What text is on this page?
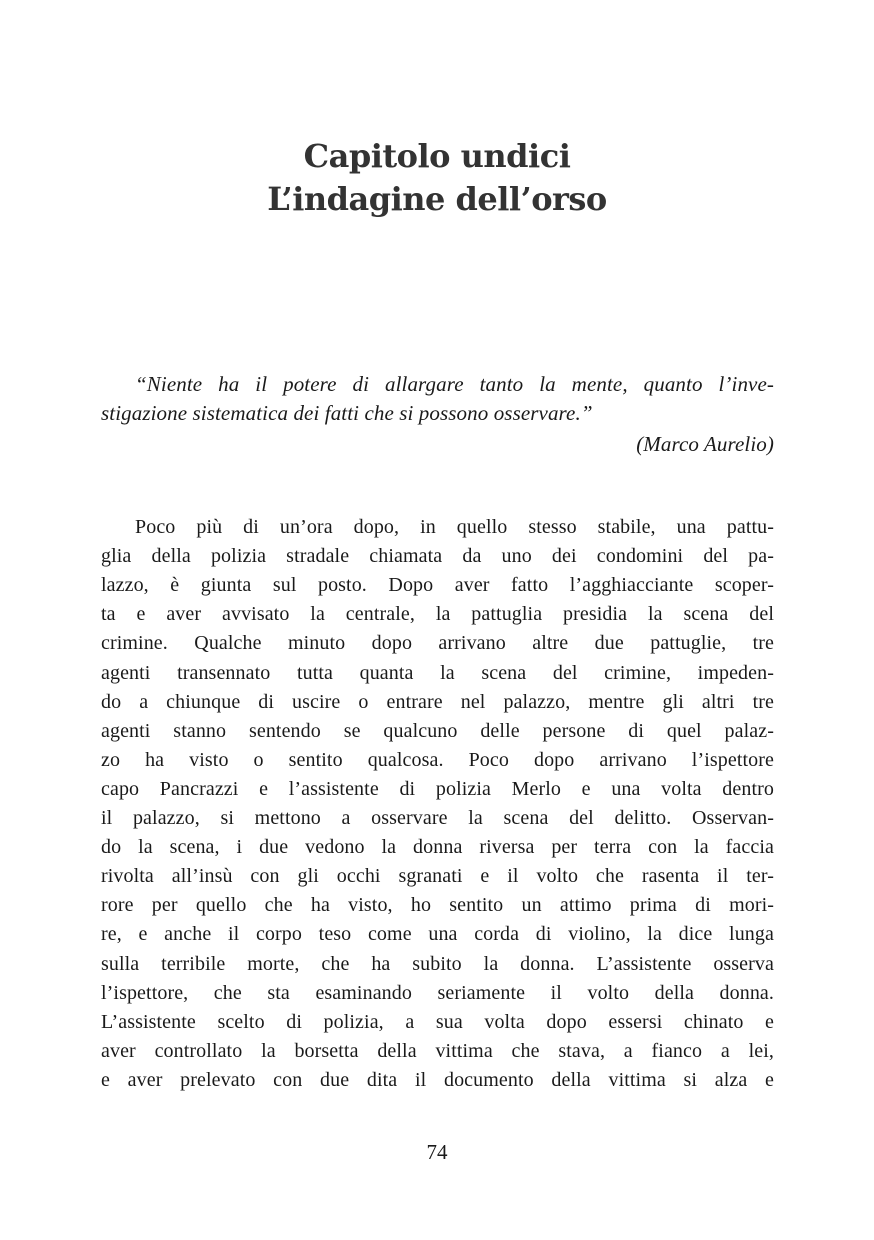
Capitolo undici
L’indagine dell’orso
“Niente ha il potere di allargare tanto la mente, quanto l’inve-
stigazione sistematica dei fatti che si possono osservare.”
(Marco Aurelio)
Poco più di un’ora dopo, in quello stesso stabile, una pattu-
glia della polizia stradale chiamata da uno dei condomini del pa-
lazzo, è giunta sul posto. Dopo aver fatto l’agghiacciante scoper-
ta e aver avvisato la centrale, la pattuglia presidia la scena del
crimine. Qualche minuto dopo arrivano altre due pattuglie, tre
agenti transennato tutta quanta la scena del crimine, impeden-
do a chiunque di uscire o entrare nel palazzo, mentre gli altri tre
agenti stanno sentendo se qualcuno delle persone di quel palaz-
zo ha visto o sentito qualcosa. Poco dopo arrivano l’ispettore
capo Pancrazzi e l’assistente di polizia Merlo e una volta dentro
il palazzo, si mettono a osservare la scena del delitto. Osservan-
do la scena, i due vedono la donna riversa per terra con la faccia
rivolta all’insù con gli occhi sgranati e il volto che rasenta il ter-
rore per quello che ha visto, ho sentito un attimo prima di mori-
re, e anche il corpo teso come una corda di violino, la dice lunga
sulla terribile morte, che ha subito la donna. L’assistente osserva
l’ispettore, che sta esaminando seriamente il volto della donna.
L’assistente scelto di polizia, a sua volta dopo essersi chinato e
aver controllato la borsetta della vittima che stava, a fianco a lei,
e aver prelevato con due dita il documento della vittima si alza e
74
